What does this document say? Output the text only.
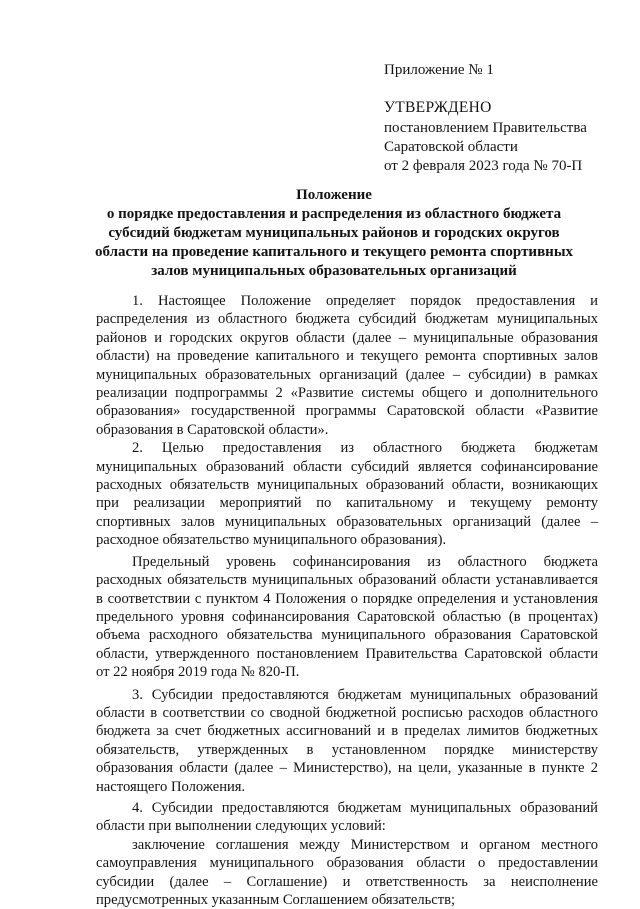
Приложение № 1
УТВЕРЖДЕНО
постановлением Правительства
Саратовской области
от 2 февраля 2023 года № 70-П
Положение
о порядке предоставления и распределения из областного бюджета
субсидий бюджетам муниципальных районов и городских округов
области на проведение капитального и текущего ремонта спортивных
залов муниципальных образовательных организаций

1. Настоящее Положение определяет порядок предоставления и распределения из областного бюджета субсидий бюджетам муниципальных районов и городских округов области (далее – муниципальные образования области) на проведение капитального и текущего ремонта спортивных залов муниципальных образовательных организаций (далее – субсидии) в рамках реализации подпрограммы 2 «Развитие системы общего и дополнительного образования» государственной программы Саратовской области «Развитие образования в Саратовской области».

2. Целью предоставления из областного бюджета бюджетам муниципальных образований области субсидий является софинансирование расходных обязательств муниципальных образований области, возникающих при реализации мероприятий по капитальному и текущему ремонту спортивных залов муниципальных образовательных организаций (далее – расходное обязательство муниципального образования).

Предельный уровень софинансирования из областного бюджета расходных обязательств муниципальных образований области устанавливается в соответствии с пунктом 4 Положения о порядке определения и установления предельного уровня софинансирования Саратовской областью (в процентах) объема расходного обязательства муниципального образования Саратовской области, утвержденного постановлением Правительства Саратовской области от 22 ноября 2019 года № 820-П.

3. Субсидии предоставляются бюджетам муниципальных образований области в соответствии со сводной бюджетной росписью расходов областного бюджета за счет бюджетных ассигнований и в пределах лимитов бюджетных обязательств, утвержденных в установленном порядке министерству образования области (далее – Министерство), на цели, указанные в пункте 2 настоящего Положения.

4. Субсидии предоставляются бюджетам муниципальных образований области при выполнении следующих условий:

заключение соглашения между Министерством и органом местного самоуправления муниципального образования области о предоставлении субсидии (далее – Соглашение) и ответственность за неисполнение предусмотренных указанным Соглашением обязательств;
